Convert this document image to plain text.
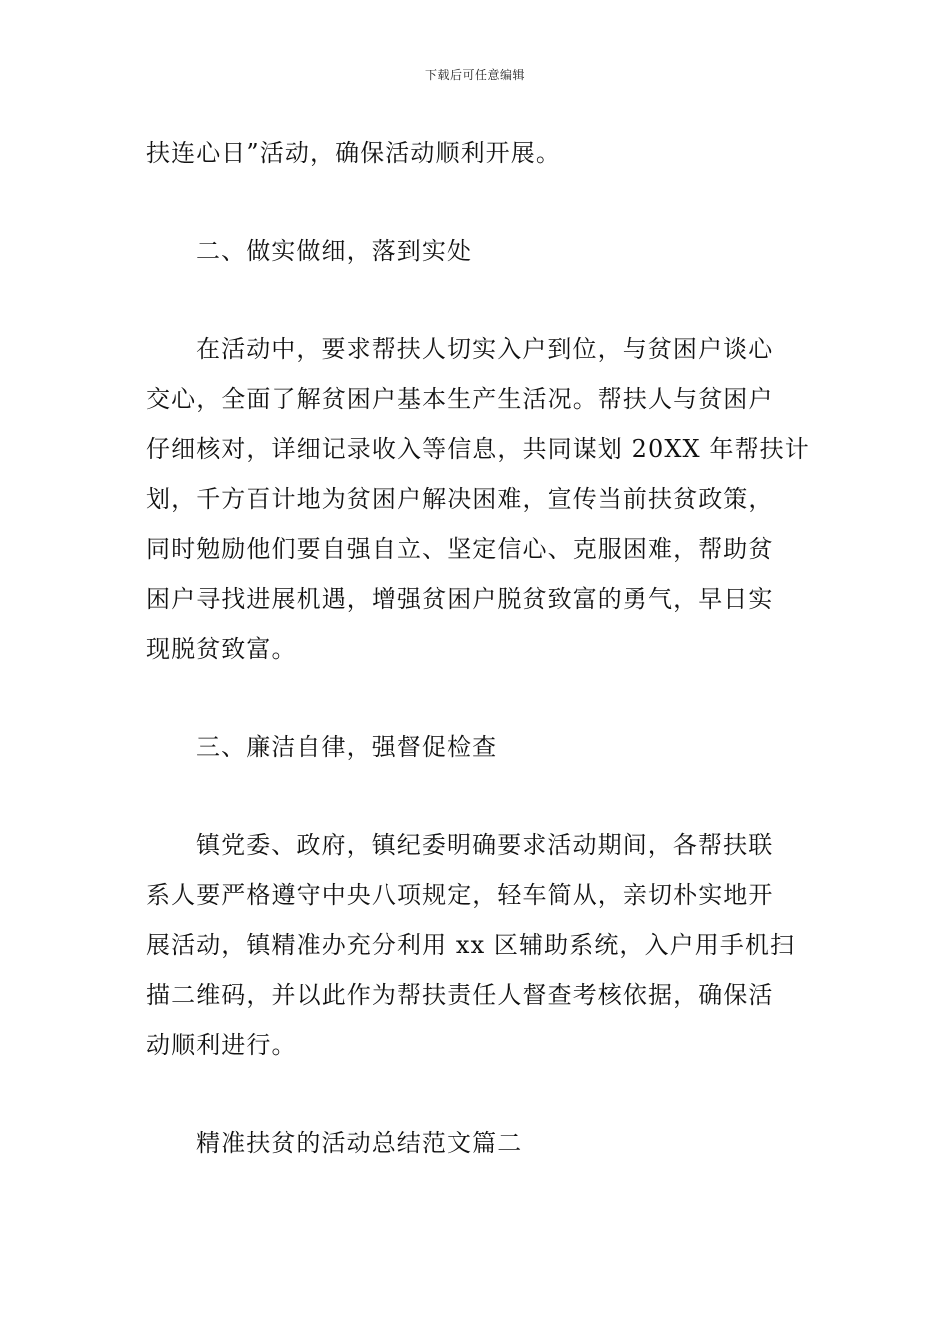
下载后可任意编辑

扶连心日”活动，确保活动顺利开展。

二、做实做细，落到实处

在活动中，要求帮扶人切实入户到位，与贫困户谈心
交心，全面了解贫困户基本生产生活况。帮扶人与贫困户
仔细核对，详细记录收入等信息，共同谋划 20XX 年帮扶计
划，千方百计地为贫困户解决困难，宣传当前扶贫政策，
同时勉励他们要自强自立、坚定信心、克服困难，帮助贫
困户寻找进展机遇，增强贫困户脱贫致富的勇气，早日实
现脱贫致富。

三、廉洁自律，强督促检查

镇党委、政府，镇纪委明确要求活动期间，各帮扶联
系人要严格遵守中央八项规定，轻车简从，亲切朴实地开
展活动，镇精准办充分利用 xx 区辅助系统，入户用手机扫
描二维码，并以此作为帮扶责任人督查考核依据，确保活
动顺利进行。

精准扶贫的活动总结范文篇二
